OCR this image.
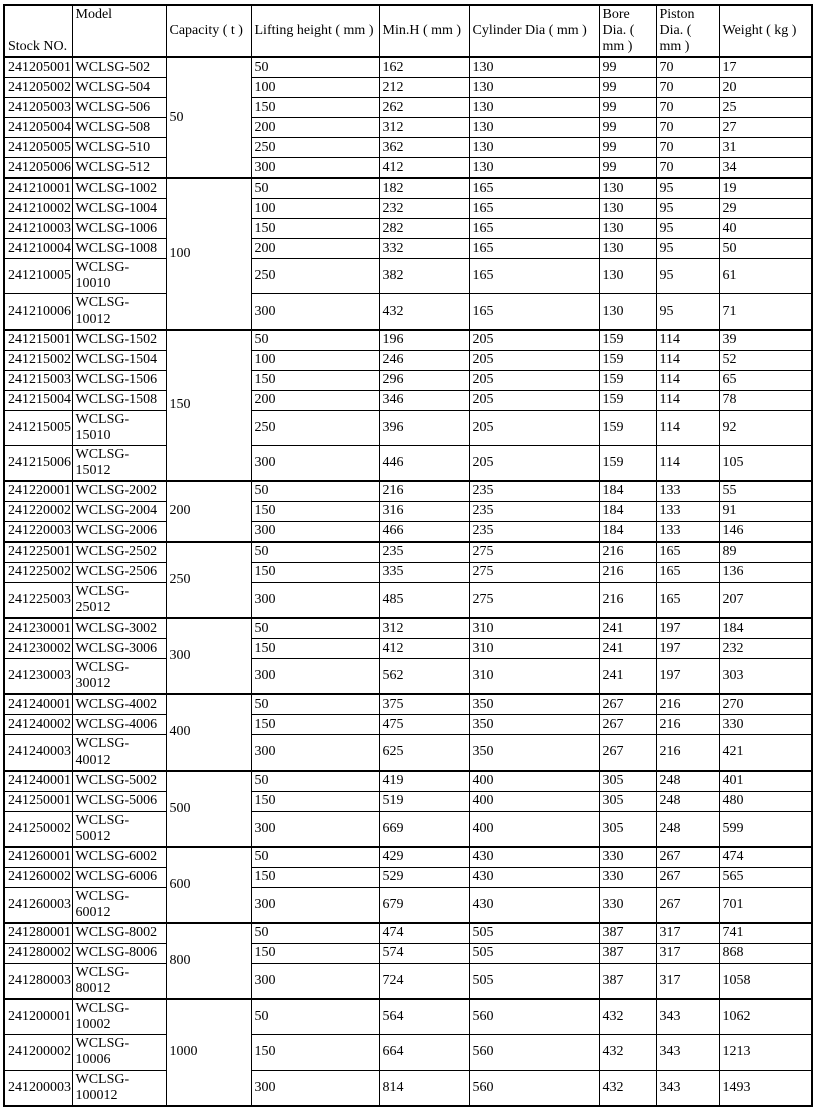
Stock NO.	Model	Capacity ( t )	Lifting height ( mm )	Min.H ( mm )	Cylinder Dia ( mm )	Bore Dia. ( mm )	Piston Dia. ( mm )	Weight ( kg )
241205001	WCLSG-502	50	50	162	130	99	70	17
241205002	WCLSG-504		100	212	130	99	70	20
241205003	WCLSG-506		150	262	130	99	70	25
241205004	WCLSG-508		200	312	130	99	70	27
241205005	WCLSG-510		250	362	130	99	70	31
241205006	WCLSG-512		300	412	130	99	70	34
241210001	WCLSG-1002	100	50	182	165	130	95	19
241210002	WCLSG-1004		100	232	165	130	95	29
241210003	WCLSG-1006		150	282	165	130	95	40
241210004	WCLSG-1008		200	332	165	130	95	50
241210005	WCLSG-10010		250	382	165	130	95	61
241210006	WCLSG-10012		300	432	165	130	95	71
241215001	WCLSG-1502	150	50	196	205	159	114	39
241215002	WCLSG-1504		100	246	205	159	114	52
241215003	WCLSG-1506		150	296	205	159	114	65
241215004	WCLSG-1508		200	346	205	159	114	78
241215005	WCLSG-15010		250	396	205	159	114	92
241215006	WCLSG-15012		300	446	205	159	114	105
241220001	WCLSG-2002	200	50	216	235	184	133	55
241220002	WCLSG-2004		150	316	235	184	133	91
241220003	WCLSG-2006		300	466	235	184	133	146
241225001	WCLSG-2502	250	50	235	275	216	165	89
241225002	WCLSG-2506		150	335	275	216	165	136
241225003	WCLSG-25012		300	485	275	216	165	207
241230001	WCLSG-3002	300	50	312	310	241	197	184
241230002	WCLSG-3006		150	412	310	241	197	232
241230003	WCLSG-30012		300	562	310	241	197	303
241240001	WCLSG-4002	400	50	375	350	267	216	270
241240002	WCLSG-4006		150	475	350	267	216	330
241240003	WCLSG-40012		300	625	350	267	216	421
241240001	WCLSG-5002	500	50	419	400	305	248	401
241250001	WCLSG-5006		150	519	400	305	248	480
241250002	WCLSG-50012		300	669	400	305	248	599
241260001	WCLSG-6002	600	50	429	430	330	267	474
241260002	WCLSG-6006		150	529	430	330	267	565
241260003	WCLSG-60012		300	679	430	330	267	701
241280001	WCLSG-8002	800	50	474	505	387	317	741
241280002	WCLSG-8006		150	574	505	387	317	868
241280003	WCLSG-80012		300	724	505	387	317	1058
241200001	WCLSG-10002	1000	50	564	560	432	343	1062
241200002	WCLSG-10006		150	664	560	432	343	1213
241200003	WCLSG-100012		300	814	560	432	343	1493
